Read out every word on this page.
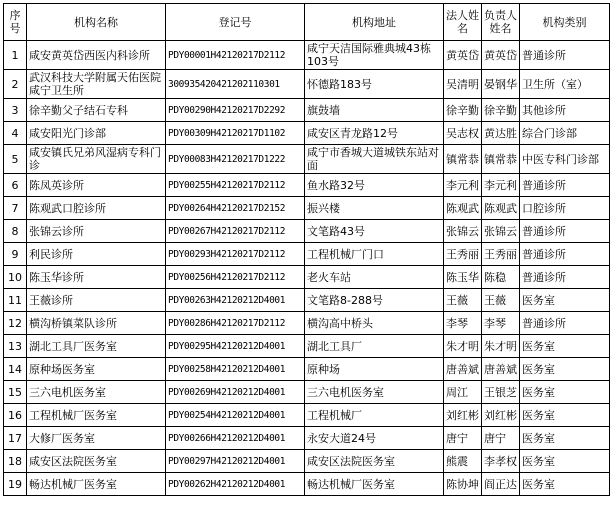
序号	机构名称	登记号	机构地址	法人姓名	负责人姓名	机构类别
1	咸安黄英岱西医内科诊所	PDY00001H42120217D2112	咸宁天洁国际雅典城43栋103号	黄英岱	黄英岱	普通诊所
2	武汉科技大学附属天佑医院咸宁卫生所	300935420421202110301	怀德路183号	吴清明	晏钢华	卫生所（室）
3	徐辛勤父子结石专科	PDY00290H42120217D2292	旗鼓墙	徐辛勤	徐辛勤	其他诊所
4	咸安阳光门诊部	PDY00309H42120217D1102	咸安区青龙路12号	吴志权	黄达胜	综合门诊部
5	咸安镇氏兄弟风湿病专科门诊	PDY00083H42120217D1222	咸宁市香城大道城铁东站对面	镇常恭	镇常恭	中医专科门诊部
6	陈凤英诊所	PDY00255H42120217D2112	鱼水路32号	李元利	李元利	普通诊所
7	陈观武口腔诊所	PDY00264H42120217D2152	振兴楼	陈观武	陈观武	口腔诊所
8	张锦云诊所	PDY00267H42120217D2112	文笔路43号	张锦云	张锦云	普通诊所
9	利民诊所	PDY00293H42120217D2112	工程机械厂门口	王秀丽	王秀丽	普通诊所
10	陈玉华诊所	PDY00256H42120217D2112	老火车站	陈玉华	陈稳	普通诊所
11	王薇诊所	PDY00263H42120212D4001	文笔路8-288号	王薇	王薇	医务室
12	横沟桥镇菜队诊所	PDY00286H42120217D2112	横沟高中桥头	李琴	李琴	普通诊所
13	湖北工具厂医务室	PDY00295H42120212D4001	湖北工具厂	朱才明	朱才明	医务室
14	原种场医务室	PDY00258H42120212D4001	原种场	唐善斌	唐善斌	医务室
15	三六电机医务室	PDY00269H42120212D4001	三六电机医务室	周江	王银芝	医务室
16	工程机械厂医务室	PDY00254H42120212D4001	工程机械厂	刘红彬	刘红彬	医务室
17	大修厂医务室	PDY00266H42120212D4001	永安大道24号	唐宁	唐宁	医务室
18	咸安区法院医务室	PDY00297H42120212D4001	咸安区法院医务室	熊震	李孝权	医务室
19	畅达机械厂医务室	PDY00262H42120212D4001	畅达机械厂医务室	陈协坤	阎正达	医务室
